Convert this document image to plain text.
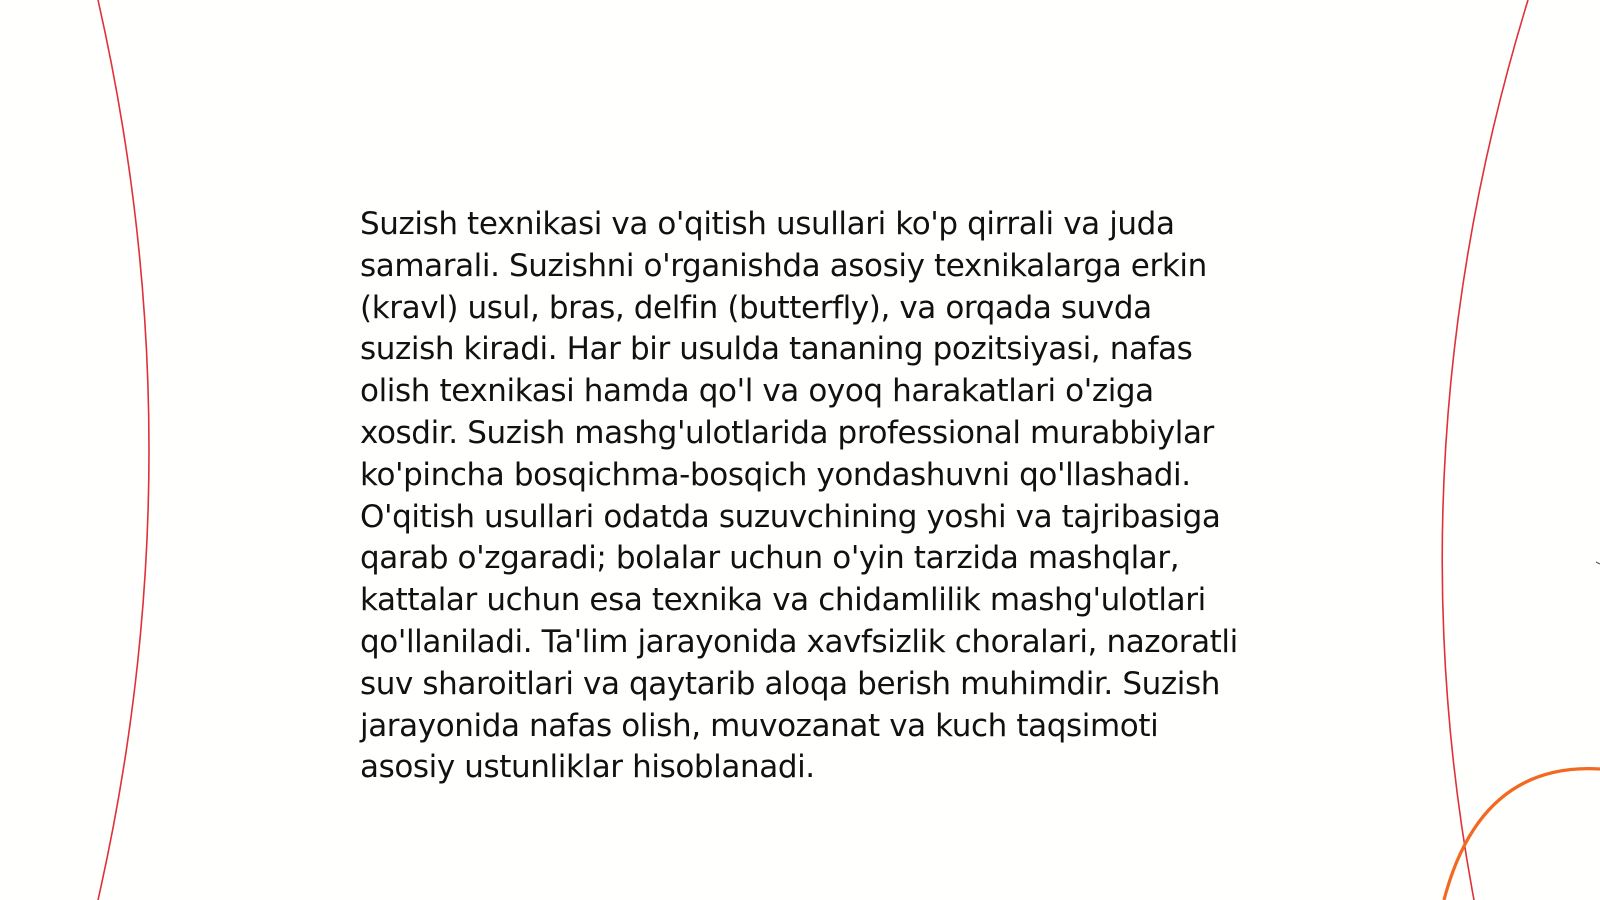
Suzish texnikasi va o'qitish usullari ko'p qirrali va juda samarali. Suzishni o'rganishda asosiy texnikalarga erkin (kravl) usul, bras, delfin (butterfly), va orqada suvda suzish kiradi. Har bir usulda tananing pozitsiyasi, nafas olish texnikasi hamda qo'l va oyoq harakatlari o'ziga xosdir. Suzish mashg'ulotlarida professional murabbiylar ko'pincha bosqichma-bosqich yondashuvni qo'llashadi. O'qitish usullari odatda suzuvchining yoshi va tajribasiga qarab o'zgaradi; bolalar uchun o'yin tarzida mashqlar, kattalar uchun esa texnika va chidamlilik mashg'ulotlari qo'llaniladi. Ta'lim jarayonida xavfsizlik choralari, nazoratli suv sharoitlari va qaytarib aloqa berish muhimdir. Suzish jarayonida nafas olish, muvozanat va kuch taqsimoti asosiy ustunliklar hisoblanadi.
